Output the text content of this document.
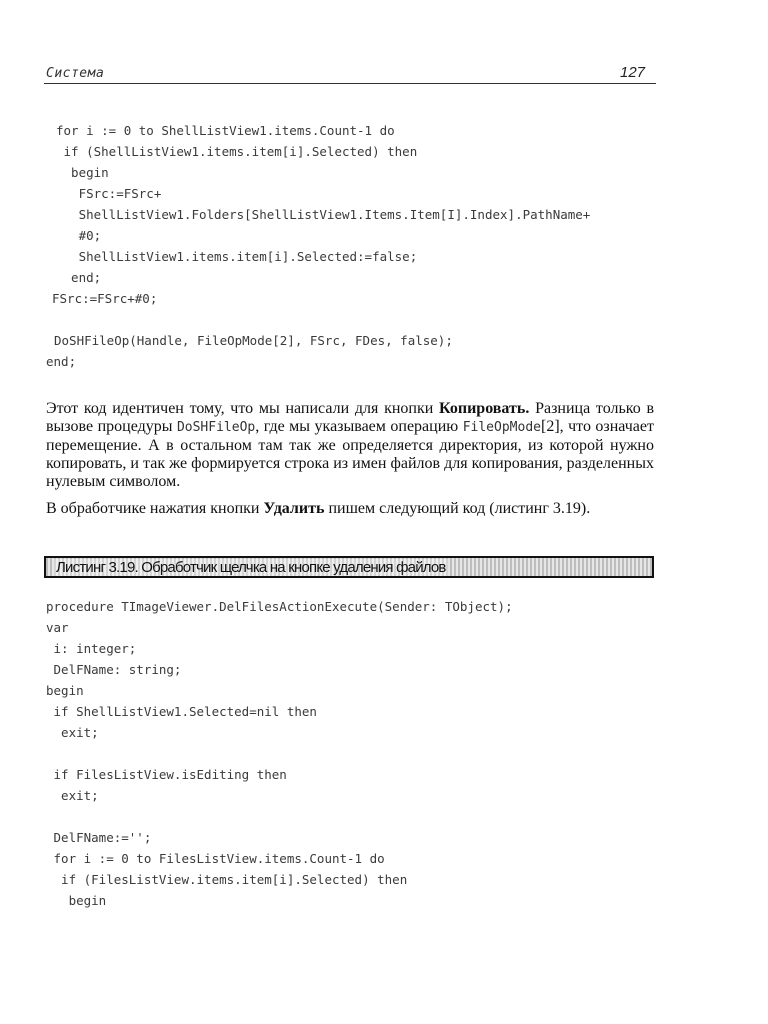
Система	127

for i := 0 to ShellListView1.items.Count-1 do

if (ShellListView1.items.item[i].Selected) then

begin

FSrc:=FSrc+

ShellListView1.Folders[ShellListView1.Items.Item[I].Index].PathName+

#0;

ShellListView1.items.item[i].Selected:=false;

end;

FSrc:=FSrc+#0;

DoSHFileOp(Handle, FileOpMode[2], FSrc, FDes, false);

end;

Этот код идентичен тому, что мы написали для кнопки Копировать. Разница только в вызове процедуры DoSHFileOp, где мы указываем операцию FileOpMode[2], что означает перемещение. А в остальном там так же определяется директория, из которой нужно копировать, и так же формируется строка из имен файлов для копирования, разделенных нулевым символом.
В обработчике нажатия кнопки Удалить пишем следующий код (листинг 3.19).
Листинг 3.19. Обработчик щелчка на кнопке удаления файлов

procedure TImageViewer.DelFilesActionExecute(Sender: TObject);

var

i: integer;

DelFName: string;

begin

if ShellListView1.Selected=nil then

exit;

if FilesListView.isEditing then

exit;

DelFName:='';

for i := 0 to FilesListView.items.Count-1 do

if (FilesListView.items.item[i].Selected) then

begin
